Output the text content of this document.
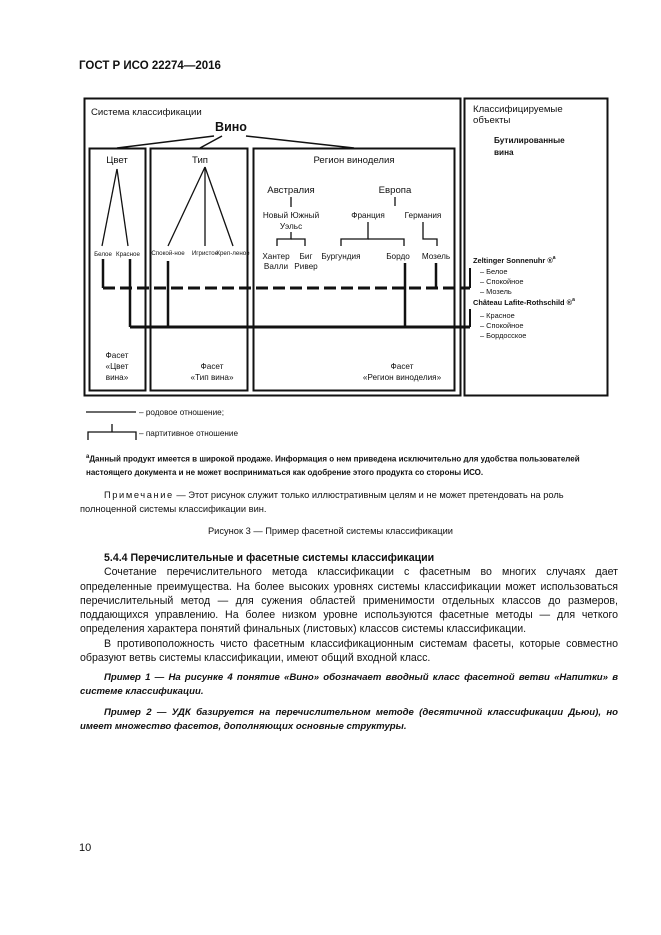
ГОСТ Р ИСО 22274—2016
Система классификации
Вино
Цвет	Тип	Регион виноделия
Белое Красное Спокой-ное Игристое
Креп-леное
Австралия	Европа
Новый Южный
Уэльс
Франция Германия
Хантер
Валли
Биг
Ривер
Бургундия	Бордо Мозель
Фасет
«Цвет
вина»
Фасет
«Тип вина»
Фасет
«Регион виноделия»
Классифицируемые
объекты
Бутилированные
вина
Zeltinger Sonnenuhr ®$^а$
– Белое
– Спокойное
– Мозель
Château Lafite-Rothschild ®$^а$
– Красное
– Спокойное
– Бордосское
– родовое отношение;
– партитивное отношение
$^а$Данный продукт имеется в широкой продаже. Информация о нем приведена исключительно для удобства пользователей настоящего документа и не может восприниматься как одобрение этого продукта со стороны ИСО.
Примечание — Этот рисунок служит только иллюстративным целям и не может претендовать на роль полноценной системы классификации вин.
Рисунок 3 — Пример фасетной системы классификации
5.4.4 Перечислительные и фасетные системы классификации

Сочетание перечислительного метода классификации с фасетным во многих случаях дает определенные преимущества. На более высоких уровнях системы классификации может использоваться перечислительный метод — для сужения областей применимости отдельных классов до размеров, поддающихся управлению. На более низком уровне используются фасетные методы — для четкого определения характера понятий финальных (листовых) классов системы классификации.

В противоположность чисто фасетным классификационным системам фасеты, которые совместно образуют ветвь системы классификации, имеют общий входной класс.

Пример 1 — На рисунке 4 понятие «Вино» обозначает вводный класс фасетной ветви «Напитки» в системе классификации.

Пример 2 — УДК базируется на перечислительном методе (десятичной классификации Дьюи), но имеет множество фасетов, дополняющих основные структуры.

10
